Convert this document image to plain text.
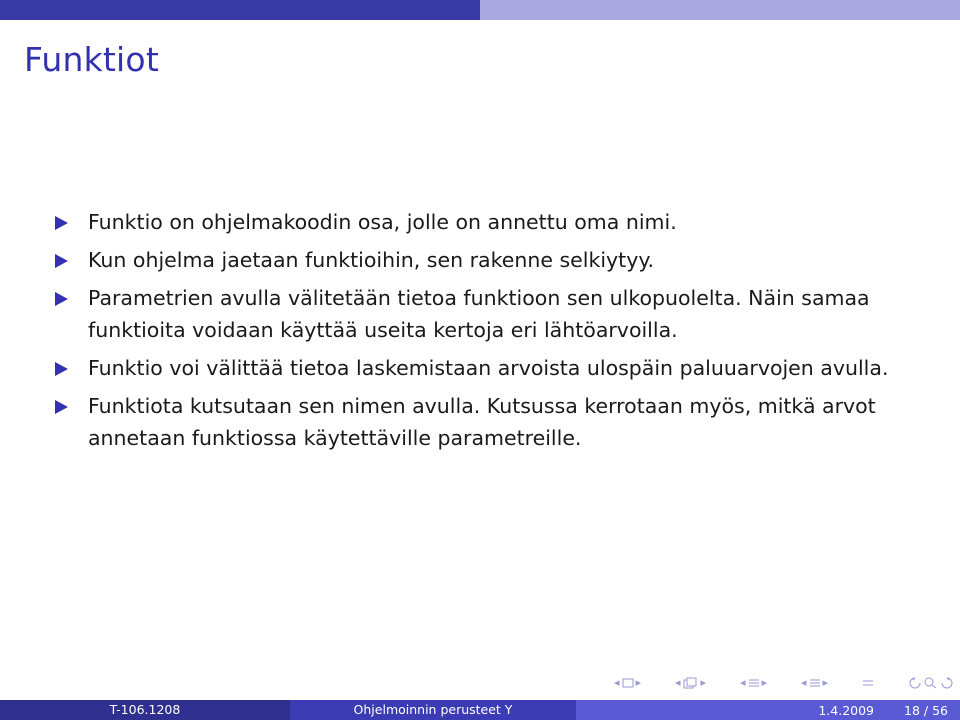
Funktiot
Funktio on ohjelmakoodin osa, jolle on annettu oma nimi.
Kun ohjelma jaetaan funktioihin, sen rakenne selkiytyy.
Parametrien avulla välitetään tietoa funktioon sen ulkopuolelta. Näin samaa funktioita voidaan käyttää useita kertoja eri lähtöarvoilla.
Funktio voi välittää tietoa laskemistaan arvoista ulospäin paluuarvojen avulla.
Funktiota kutsutaan sen nimen avulla. Kutsussa kerrotaan myös, mitkä arvot annetaan funktiossa käytettäville parametreille.
◂ ▸	◂ ▸	◂ ▸	◂ ▸
T-106.1208	Ohjelmoinnin perusteet Y	1.4.2009 18 / 56
